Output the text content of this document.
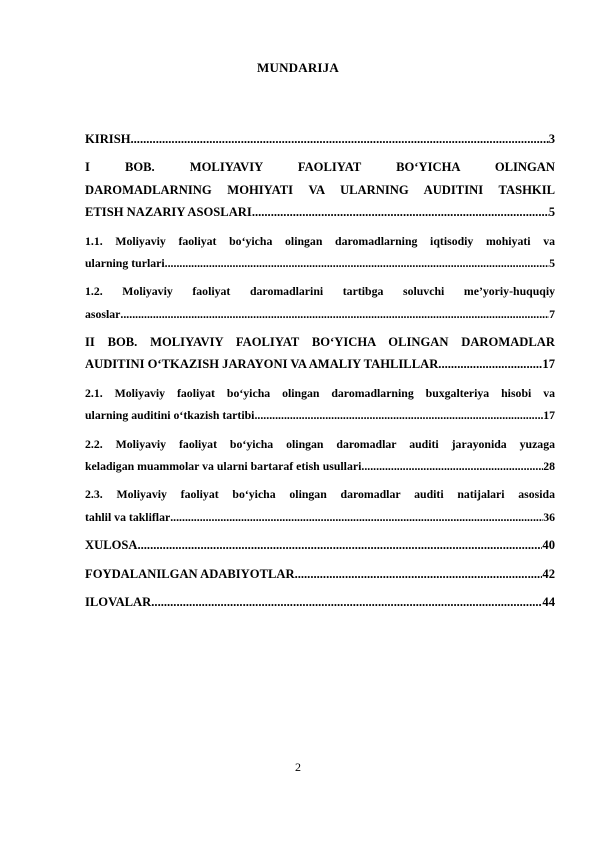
MUNDARIJA
KIRISH .....	3
I BOB. MOLIYAVIY FAOLIYAT BO‘YICHA OLINGAN
DAROMADLARNING MOHIYATI VA ULARNING AUDITINI TASHKIL
ETISH NAZARIY ASOSLARI .....	5
1.1. Moliyaviy faoliyat bo‘yicha olingan daromadlarning iqtisodiy mohiyati va
ularning turlari .....	5
1.2. Moliyaviy faoliyat daromadlarini tartibga soluvchi me’yoriy-huquqiy
asoslar .....	7
II BOB. MOLIYAVIY FAOLIYAT BO‘YICHA OLINGAN DAROMADLAR
AUDITINI O‘TKAZISH JARAYONI VA AMALIY TAHLILLAR .....	17
2.1. Moliyaviy faoliyat bo‘yicha olingan daromadlarning buxgalteriya hisobi va
ularning auditini o‘tkazish tartibi .....	17
2.2. Moliyaviy faoliyat bo‘yicha olingan daromadlar auditi jarayonida yuzaga
keladigan muammolar va ularni bartaraf etish usullari .....	28
2.3. Moliyaviy faoliyat bo‘yicha olingan daromadlar auditi natijalari asosida
tahlil va takliflar .....	36
XULOSA .....	40
FOYDALANILGAN ADABIYOTLAR .....	42
ILOVALAR .....	44
2
